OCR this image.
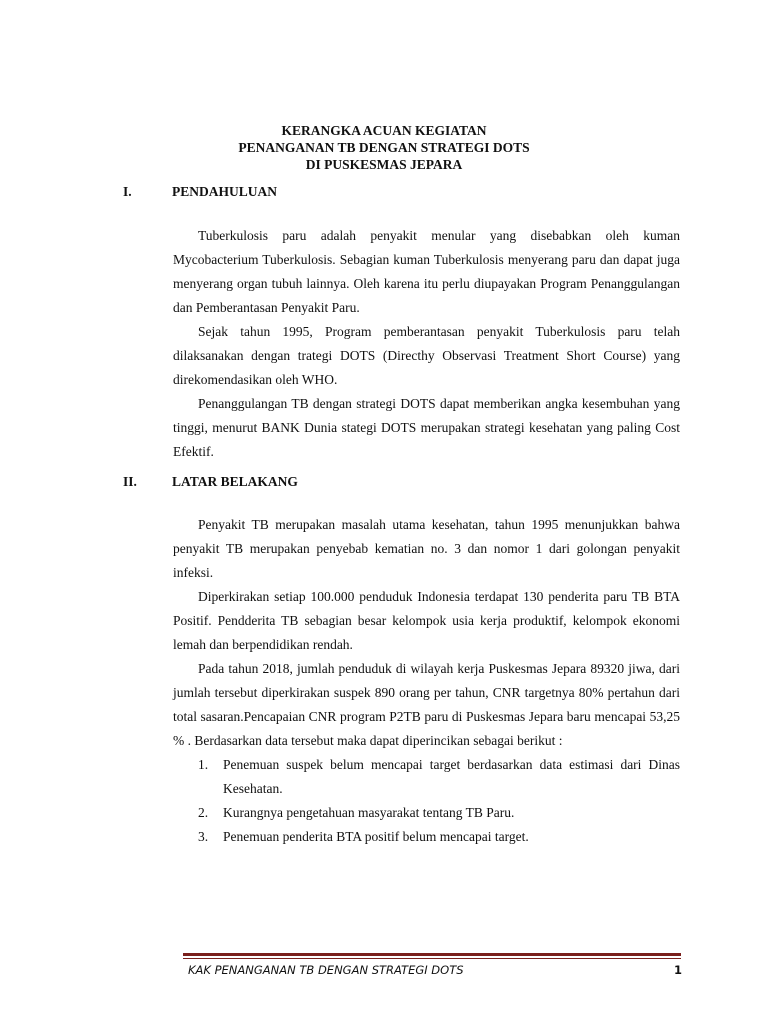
KERANGKA ACUAN KEGIATAN
PENANGANAN TB DENGAN STRATEGI DOTS
DI PUSKESMAS JEPARA
I.	PENDAHULUAN

Tuberkulosis paru adalah penyakit menular yang disebabkan oleh kuman Mycobacterium Tuberkulosis. Sebagian kuman Tuberkulosis menyerang paru dan dapat juga menyerang organ tubuh lainnya. Oleh karena itu perlu diupayakan Program Penanggulangan dan Pemberantasan Penyakit Paru.

Sejak tahun 1995, Program pemberantasan penyakit Tuberkulosis paru telah dilaksanakan dengan trategi DOTS (Directhy Observasi Treatment Short Course) yang direkomendasikan oleh WHO.

Penanggulangan TB dengan strategi DOTS dapat memberikan angka kesembuhan yang tinggi, menurut BANK Dunia stategi DOTS merupakan strategi kesehatan yang paling Cost Efektif.

II.	LATAR BELAKANG

Penyakit TB merupakan masalah utama kesehatan, tahun 1995 menunjukkan bahwa penyakit TB merupakan penyebab kematian no. 3 dan nomor 1 dari golongan penyakit infeksi.

Diperkirakan setiap 100.000 penduduk Indonesia terdapat 130 penderita paru TB BTA Positif. Pendderita TB sebagian besar kelompok usia kerja produktif, kelompok ekonomi lemah dan berpendidikan rendah.

Pada tahun 2018, jumlah penduduk di wilayah kerja Puskesmas Jepara 89320 jiwa, dari jumlah tersebut diperkirakan suspek 890 orang per tahun, CNR targetnya 80% pertahun dari total sasaran.Pencapaian CNR program P2TB paru di Puskesmas Jepara baru mencapai 53,25 % . Berdasarkan data tersebut maka dapat diperincikan sebagai berikut :

1. Penemuan suspek belum mencapai target berdasarkan data estimasi dari Dinas Kesehatan.
2. Kurangnya pengetahuan masyarakat tentang TB Paru.
3. Penemuan penderita BTA positif belum mencapai target.
KAK PENANGANAN TB DENGAN STRATEGI DOTS	1
